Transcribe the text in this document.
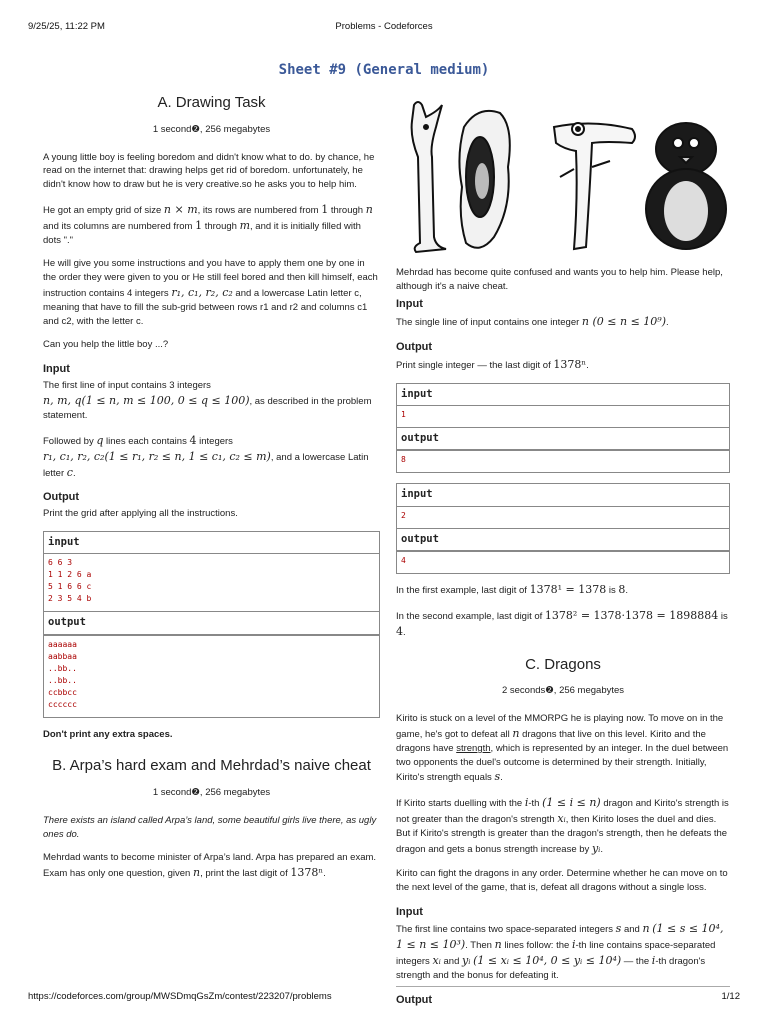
9/25/25, 11:22 PM	Problems - Codeforces
Sheet #9 (General medium)
A. Drawing Task
1 second❷, 256 megabytes

A young little boy is feeling boredom and didn't know what to do. by chance, he read on the internet that: drawing helps get rid of boredom. unfortunately, he didn't know how to draw but he is very creative.so he asks you to help him.

He got an empty grid of size n × m, its rows are numbered from 1 through n and its columns are numbered from 1 through m, and it is initially filled with dots "."

He will give you some instructions and you have to apply them one by one in the order they were given to you or He still feel bored and then kill himself, each instruction contains 4 integers r₁, c₁, r₂, c₂ and a lowercase Latin letter c, meaning that have to fill the sub-grid between rows r1 and r2 and columns c1 and c2, with the letter c.

Can you help the little boy ...?

Input

The first line of input contains 3 integers
n, m, q(1 ≤ n, m ≤ 100, 0 ≤ q ≤ 100), as described in the problem statement.

Followed by q lines each contains 4 integers
r₁, c₁, r₂, c₂(1 ≤ r₁, r₂ ≤ n, 1 ≤ c₁, c₂ ≤ m), and a lowercase Latin letter c.

Output

Print the grid after applying all the instructions.

input
6 6 3
1 1 2 6 a
5 1 6 6 c
2 3 5 4 b
output
aaaaaa
aabbaa
..bb..
..bb..
ccbbcc
cccccc

Don't print any extra spaces.

B. Arpa’s hard exam and Mehrdad’s naive cheat
1 second❷, 256 megabytes

There exists an island called Arpa’s land, some beautiful girls live there, as ugly ones do.

Mehrdad wants to become minister of Arpa’s land. Arpa has prepared an exam. Exam has only one question, given n, print the last digit of 1378ⁿ.

Mehrdad has become quite confused and wants you to help him. Please help, although it's a naive cheat.

Input

The single line of input contains one integer n (0 ≤ n ≤ 10⁹).

Output

Print single integer — the last digit of 1378ⁿ.

input
1
output
8
input
2
output
4

In the first example, last digit of 1378¹ = 1378 is 8.

In the second example, last digit of 1378² = 1378·1378 = 1898884 is 4.

C. Dragons
2 seconds❷, 256 megabytes

Kirito is stuck on a level of the MMORPG he is playing now. To move on in the game, he's got to defeat all n dragons that live on this level. Kirito and the dragons have strength, which is represented by an integer. In the duel between two opponents the duel's outcome is determined by their strength. Initially, Kirito's strength equals s.

If Kirito starts duelling with the i-th (1 ≤ i ≤ n) dragon and Kirito's strength is not greater than the dragon's strength xᵢ, then Kirito loses the duel and dies. But if Kirito's strength is greater than the dragon's strength, then he defeats the dragon and gets a bonus strength increase by yᵢ.

Kirito can fight the dragons in any order. Determine whether he can move on to the next level of the game, that is, defeat all dragons without a single loss.

Input

The first line contains two space-separated integers s and n (1 ≤ s ≤ 10⁴, 1 ≤ n ≤ 10³). Then n lines follow: the i-th line contains space-separated integers xᵢ and yᵢ (1 ≤ xᵢ ≤ 10⁴, 0 ≤ yᵢ ≤ 10⁴) — the i-th dragon's strength and the bonus for defeating it.

Output
https://codeforces.com/group/MWSDmqGsZm/contest/223207/problems	1/12
